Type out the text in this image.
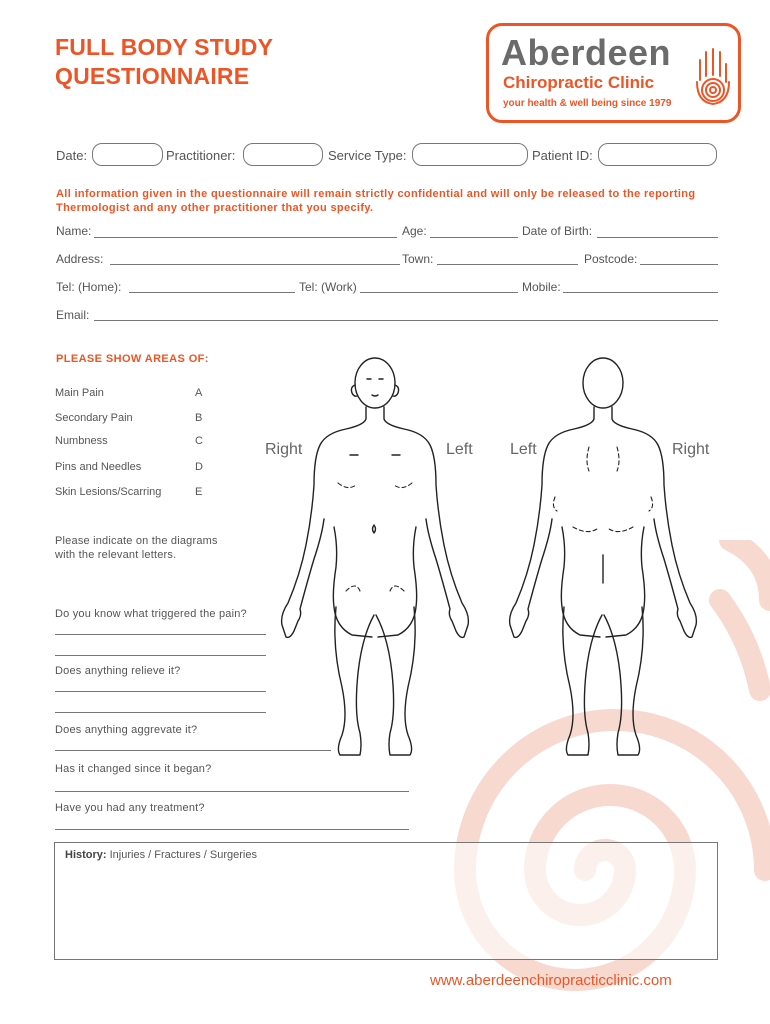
FULL BODY STUDY
QUESTIONNAIRE
Aberdeen
Chiropractic Clinic
your health & well being since 1979
Date:	Practitioner:	Service Type:	Patient ID:
All information given in the questionnaire will remain strictly confidential and will only be released to the reporting Thermologist and any other practitioner that you specify.
Name:	Age:	Date of Birth:
Address:	Town:	Postcode:
Tel: (Home):	Tel: (Work)	Mobile:
Email:
PLEASE SHOW AREAS OF:
Main Pain	A
Secondary Pain	B
Numbness	C
Pins and Needles	D
Skin Lesions/Scarring	E
Please indicate on the diagrams
with the relevant letters.
Right	Left Left	Right
Do you know what triggered the pain?
Does anything relieve it?
Does anything aggrevate it?
Has it changed since it began?
Have you had any treatment?
History: Injuries / Fractures / Surgeries
www.aberdeenchiropracticclinic.com
